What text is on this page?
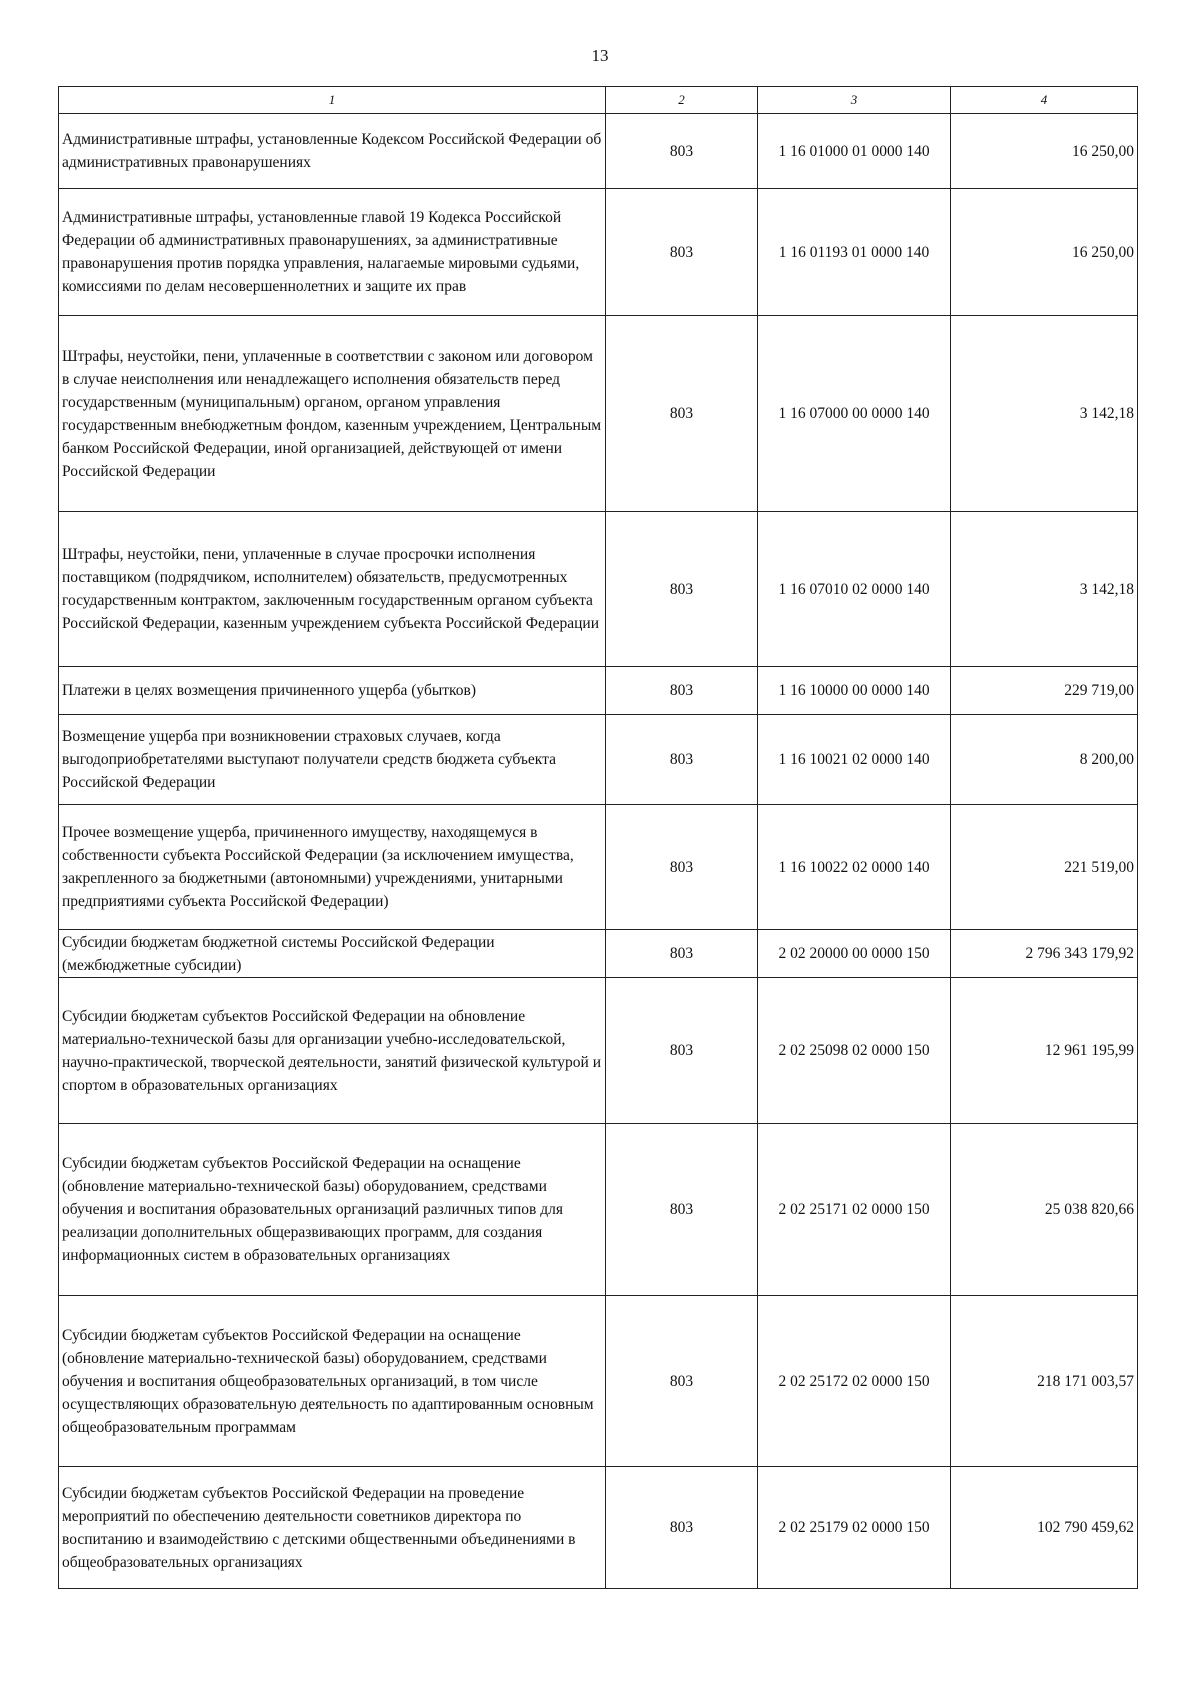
13
1	2	3	4
Административные штрафы, установленные Кодексом Российской Федерации об административных правонарушениях	803	1 16 01000 01 0000 140	16 250,00
Административные штрафы, установленные главой 19 Кодекса Российской Федерации об административных правонарушениях, за административные правонарушения против порядка управления, налагаемые мировыми судьями, комиссиями по делам несовершеннолетних и защите их прав	803	1 16 01193 01 0000 140	16 250,00
Штрафы, неустойки, пени, уплаченные в соответствии с законом или договором в случае неисполнения или ненадлежащего исполнения обязательств перед государственным (муниципальным) органом, органом управления государственным внебюджетным фондом, казенным учреждением, Центральным банком Российской Федерации, иной организацией, действующей от имени Российской Федерации	803	1 16 07000 00 0000 140	3 142,18
Штрафы, неустойки, пени, уплаченные в случае просрочки исполнения поставщиком (подрядчиком, исполнителем) обязательств, предусмотренных государственным контрактом, заключенным государственным органом субъекта Российской Федерации, казенным учреждением субъекта Российской Федерации	803	1 16 07010 02 0000 140	3 142,18
Платежи в целях возмещения причиненного ущерба (убытков)	803	1 16 10000 00 0000 140	229 719,00
Возмещение ущерба при возникновении страховых случаев, когда выгодоприобретателями выступают получатели средств бюджета субъекта Российской Федерации	803	1 16 10021 02 0000 140	8 200,00
Прочее возмещение ущерба, причиненного имуществу, находящемуся в собственности субъекта Российской Федерации (за исключением имущества, закрепленного за бюджетными (автономными) учреждениями, унитарными предприятиями субъекта Российской Федерации)	803	1 16 10022 02 0000 140	221 519,00
Субсидии бюджетам бюджетной системы Российской Федерации (межбюджетные субсидии)	803	2 02 20000 00 0000 150	2 796 343 179,92
Субсидии бюджетам субъектов Российской Федерации на обновление материально-технической базы для организации учебно-исследовательской, научно-практической, творческой деятельности, занятий физической культурой и спортом в образовательных организациях	803	2 02 25098 02 0000 150	12 961 195,99
Субсидии бюджетам субъектов Российской Федерации на оснащение (обновление материально-технической базы) оборудованием, средствами обучения и воспитания образовательных организаций различных типов для реализации дополнительных общеразвивающих программ, для создания информационных систем в образовательных организациях	803	2 02 25171 02 0000 150	25 038 820,66
Субсидии бюджетам субъектов Российской Федерации на оснащение (обновление материально-технической базы) оборудованием, средствами обучения и воспитания общеобразовательных организаций, в том числе осуществляющих образовательную деятельность по адаптированным основным общеобразовательным программам	803	2 02 25172 02 0000 150	218 171 003,57
Субсидии бюджетам субъектов Российской Федерации на проведение мероприятий по обеспечению деятельности советников директора по воспитанию и взаимодействию с детскими общественными объединениями в общеобразовательных организациях	803	2 02 25179 02 0000 150	102 790 459,62
